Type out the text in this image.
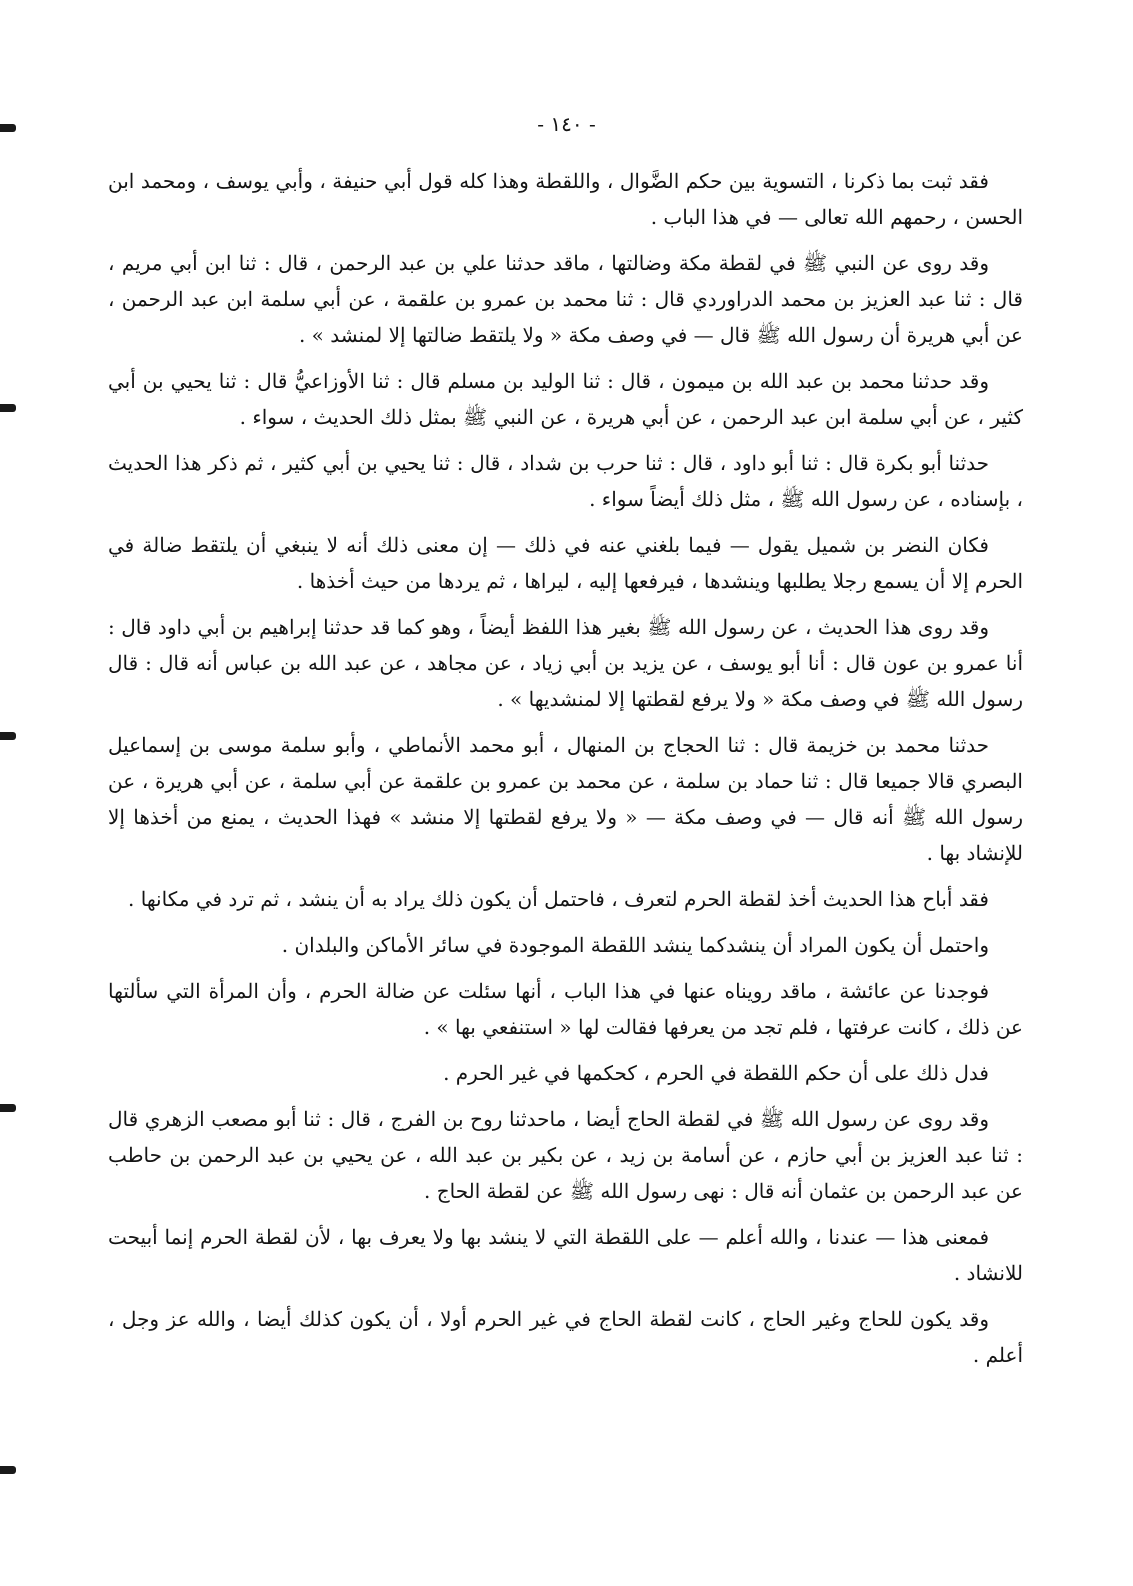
- ١٤٠ -

فقد ثبت بما ذكرنا ، التسوية بين حكم الضَّوال ، واللقطة وهذا كله قول أبي حنيفة ، وأبي يوسف ، ومحمد ابن الحسن ، رحمهم الله تعالى — في هذا الباب .

وقد روى عن النبي ﷺ في لقطة مكة وضالتها ، ماقد حدثنا علي بن عبد الرحمن ، قال : ثنا ابن أبي مريم ، قال : ثنا عبد العزيز بن محمد الدراوردي قال : ثنا محمد بن عمرو بن علقمة ، عن أبي سلمة ابن عبد الرحمن ، عن أبي هريرة أن رسول الله ﷺ قال — في وصف مكة « ولا يلتقط ضالتها إلا لمنشد » .

وقد حدثنا محمد بن عبد الله بن ميمون ، قال : ثنا الوليد بن مسلم قال : ثنا الأوزاعيُّ قال : ثنا يحيي بن أبي كثير ، عن أبي سلمة ابن عبد الرحمن ، عن أبي هريرة ، عن النبي ﷺ بمثل ذلك الحديث ، سواء .

حدثنا أبو بكرة قال : ثنا أبو داود ، قال : ثنا حرب بن شداد ، قال : ثنا يحيي بن أبي كثير ، ثم ذكر هذا الحديث ، بإسناده ، عن رسول الله ﷺ ، مثل ذلك أيضاً سواء .

فكان النضر بن شميل يقول — فيما بلغني عنه في ذلك — إن معنى ذلك أنه لا ينبغي أن يلتقط ضالة في الحرم إلا أن يسمع رجلا يطلبها وينشدها ، فيرفعها إليه ، ليراها ، ثم يردها من حيث أخذها .

وقد روى هذا الحديث ، عن رسول الله ﷺ بغير هذا اللفظ أيضاً ، وهو كما قد حدثنا إبراهيم بن أبي داود قال : أنا عمرو بن عون قال : أنا أبو يوسف ، عن يزيد بن أبي زياد ، عن مجاهد ، عن عبد الله بن عباس أنه قال : قال رسول الله ﷺ في وصف مكة « ولا يرفع لقطتها إلا لمنشديها » .

حدثنا محمد بن خزيمة قال : ثنا الحجاج بن المنهال ، أبو محمد الأنماطي ، وأبو سلمة موسى بن إسماعيل البصري قالا جميعا قال : ثنا حماد بن سلمة ، عن محمد بن عمرو بن علقمة عن أبي سلمة ، عن أبي هريرة ، عن رسول الله ﷺ أنه قال — في وصف مكة — « ولا يرفع لقطتها إلا منشد » فهذا الحديث ، يمنع من أخذها إلا للإنشاد بها .

فقد أباح هذا الحديث أخذ لقطة الحرم لتعرف ، فاحتمل أن يكون ذلك يراد به أن ينشد ، ثم ترد في مكانها .

واحتمل أن يكون المراد أن ينشدكما ينشد اللقطة الموجودة في سائر الأماكن والبلدان .

فوجدنا عن عائشة ، ماقد رويناه عنها في هذا الباب ، أنها سئلت عن ضالة الحرم ، وأن المرأة التي سألتها عن ذلك ، كانت عرفتها ، فلم تجد من يعرفها فقالت لها « استنفعي بها » .

فدل ذلك على أن حكم اللقطة في الحرم ، كحكمها في غير الحرم .

وقد روى عن رسول الله ﷺ في لقطة الحاج أيضا ، ماحدثنا روح بن الفرج ، قال : ثنا أبو مصعب الزهري قال : ثنا عبد العزيز بن أبي حازم ، عن أسامة بن زيد ، عن بكير بن عبد الله ، عن يحيي بن عبد الرحمن بن حاطب عن عبد الرحمن بن عثمان أنه قال : نهى رسول الله ﷺ عن لقطة الحاج .

فمعنى هذا — عندنا ، والله أعلم — على اللقطة التي لا ينشد بها ولا يعرف بها ، لأن لقطة الحرم إنما أبيحت للانشاد .

وقد يكون للحاج وغير الحاج ، كانت لقطة الحاج في غير الحرم أولا ، أن يكون كذلك أيضا ، والله عز وجل ، أعلم .
